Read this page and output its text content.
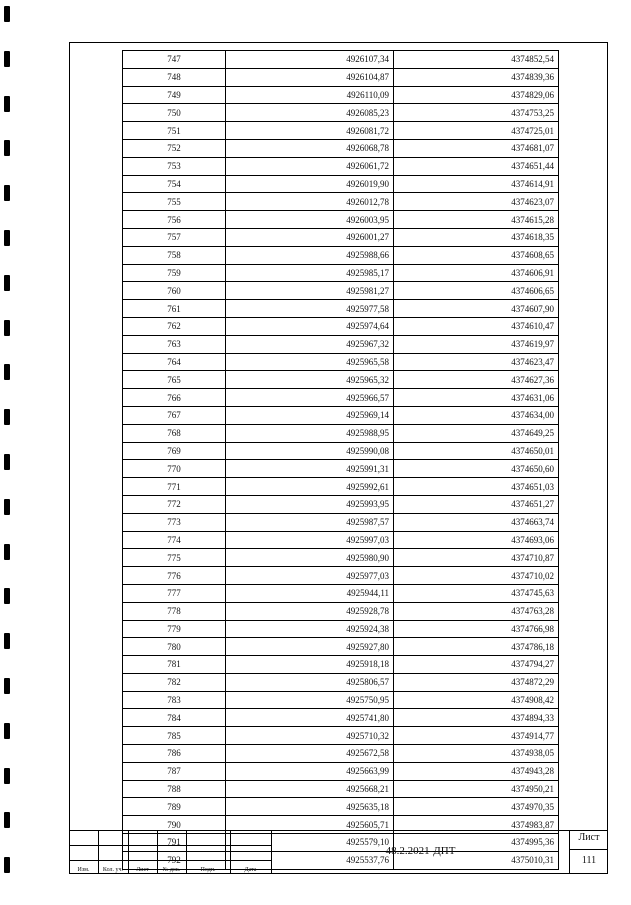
747	4926107,34	4374852,54
748	4926104,87	4374839,36
749	4926110,09	4374829,06
750	4926085,23	4374753,25
751	4926081,72	4374725,01
752	4926068,78	4374681,07
753	4926061,72	4374651,44
754	4926019,90	4374614,91
755	4926012,78	4374623,07
756	4926003,95	4374615,28
757	4926001,27	4374618,35
758	4925988,66	4374608,65
759	4925985,17	4374606,91
760	4925981,27	4374606,65
761	4925977,58	4374607,90
762	4925974,64	4374610,47
763	4925967,32	4374619,97
764	4925965,58	4374623,47
765	4925965,32	4374627,36
766	4925966,57	4374631,06
767	4925969,14	4374634,00
768	4925988,95	4374649,25
769	4925990,08	4374650,01
770	4925991,31	4374650,60
771	4925992,61	4374651,03
772	4925993,95	4374651,27
773	4925987,57	4374663,74
774	4925997,03	4374693,06
775	4925980,90	4374710,87
776	4925977,03	4374710,02
777	4925944,11	4374745,63
778	4925928,78	4374763,28
779	4925924,38	4374766,98
780	4925927,80	4374786,18
781	4925918,18	4374794,27
782	4925806,57	4374872,29
783	4925750,95	4374908,42
784	4925741,80	4374894,33
785	4925710,32	4374914,77
786	4925672,58	4374938,05
787	4925663,99	4374943,28
788	4925668,21	4374950,21
789	4925635,18	4374970,35
790	4925605,71	4374983,87
791	4925579,10	4374995,36
792	4925537,76	4375010,31
Изм.	Кол. уч.	Лист	№ док.	Подп.	Дата
48.2.2021-ДПТ
Лист
111
